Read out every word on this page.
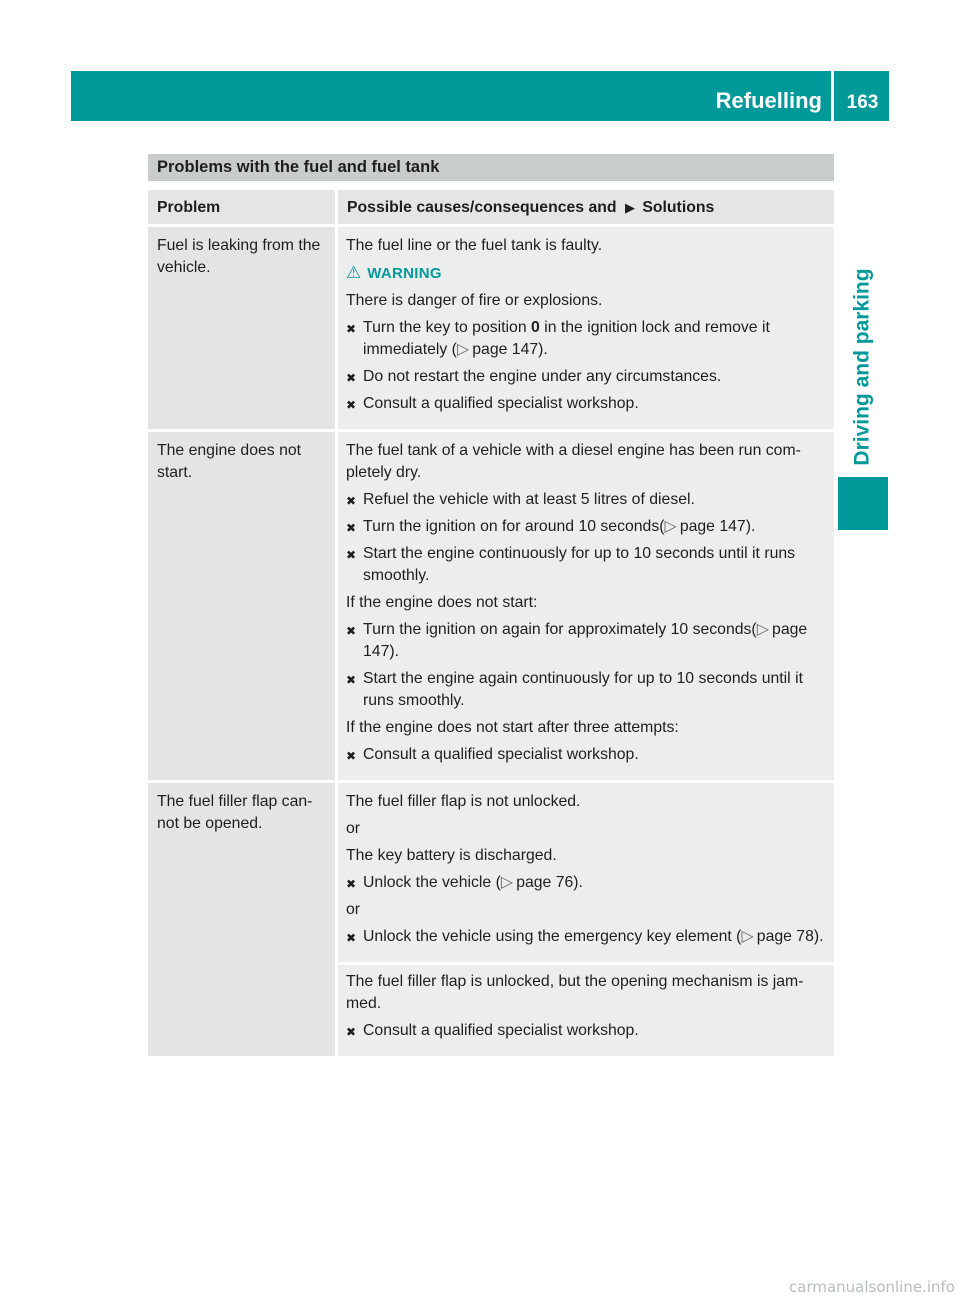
Refuelling	163
Driving and parking
Problems with the fuel and fuel tank
Problem	Possible causes/consequences and ▶ Solutions
Fuel is leaking from the vehicle.

The fuel line or the fuel tank is faulty.

⚠ WARNING

There is danger of fire or explosions.

✖ Turn the key to position 0 in the ignition lock and remove it immediately (▷  page 147).
✖ Do not restart the engine under any circumstances.
✖ Consult a qualified specialist workshop.
The engine does not start.

The fuel tank of a vehicle with a diesel engine has been run com-pletely dry.

✖ Refuel the vehicle with at least 5 litres of diesel.
✖ Turn the ignition on for around 10 seconds(▷  page 147).
✖ Start the engine continuously for up to 10 seconds until it runs smoothly.

If the engine does not start:

✖ Turn the ignition on again for approximately 10 seconds(▷  page 147).
✖ Start the engine again continuously for up to 10 seconds until it runs smoothly.

If the engine does not start after three attempts:

✖ Consult a qualified specialist workshop.
The fuel filler flap can-not be opened.

The fuel filler flap is not unlocked.

or

The key battery is discharged.

✖ Unlock the vehicle (▷  page 76).

or

✖ Unlock the vehicle using the emergency key element (▷  page 78).

The fuel filler flap is unlocked, but the opening mechanism is jam-med.

✖ Consult a qualified specialist workshop.
carmanualsonline.info
